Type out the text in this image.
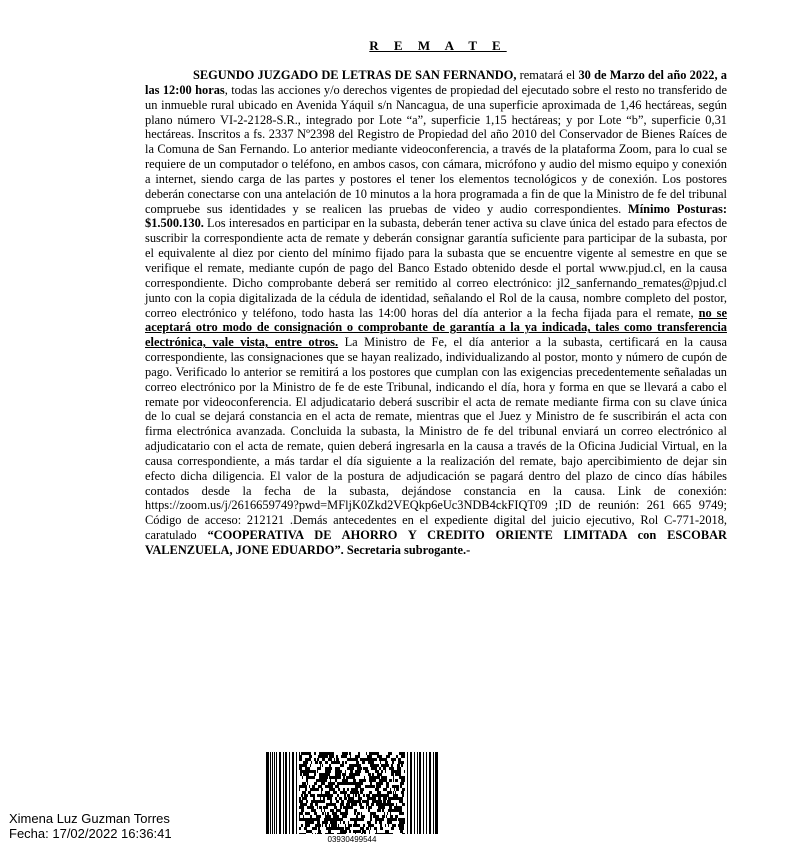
R E M A T E

SEGUNDO JUZGADO DE LETRAS DE SAN FERNANDO, rematará el 30 de Marzo del año 2022, a las 12:00 horas, todas las acciones y/o derechos vigentes de propiedad del ejecutado sobre el resto no transferido de un inmueble rural ubicado en Avenida Yáquil s/n Nancagua, de una superficie aproximada de 1,46 hectáreas, según plano número VI-2-2128-S.R., integrado por Lote “a”, superficie 1,15 hectáreas; y por Lote “b”, superficie 0,31 hectáreas. Inscritos a fs. 2337 Nº2398 del Registro de Propiedad del año 2010 del Conservador de Bienes Raíces de la Comuna de San Fernando. Lo anterior mediante videoconferencia, a través de la plataforma Zoom, para lo cual se requiere de un computador o teléfono, en ambos casos, con cámara, micrófono y audio del mismo equipo y conexión a internet, siendo carga de las partes y postores el tener los elementos tecnológicos y de conexión. Los postores deberán conectarse con una antelación de 10 minutos a la hora programada a fin de que la Ministro de fe del tribunal compruebe sus identidades y se realicen las pruebas de video y audio correspondientes. Mínimo Posturas: $1.500.130. Los interesados en participar en la subasta, deberán tener activa su clave única del estado para efectos de suscribir la correspondiente acta de remate y deberán consignar garantía suficiente para participar de la subasta, por el equivalente al diez por ciento del mínimo fijado para la subasta que se encuentre vigente al semestre en que se verifique el remate, mediante cupón de pago del Banco Estado obtenido desde el portal www.pjud.cl, en la causa correspondiente. Dicho comprobante deberá ser remitido al correo electrónico: jl2_sanfernando_remates@pjud.cl junto con la copia digitalizada de la cédula de identidad, señalando el Rol de la causa, nombre completo del postor, correo electrónico y teléfono, todo hasta las 14:00 horas del día anterior a la fecha fijada para el remate, no se aceptará otro modo de consignación o comprobante de garantía a la ya indicada, tales como transferencia electrónica, vale vista, entre otros. La Ministro de Fe, el día anterior a la subasta, certificará en la causa correspondiente, las consignaciones que se hayan realizado, individualizando al postor, monto y número de cupón de pago. Verificado lo anterior se remitirá a los postores que cumplan con las exigencias precedentemente señaladas un correo electrónico por la Ministro de fe de este Tribunal, indicando el día, hora y forma en que se llevará a cabo el remate por videoconferencia. El adjudicatario deberá suscribir el acta de remate mediante firma con su clave única de lo cual se dejará constancia en el acta de remate, mientras que el Juez y Ministro de fe suscribirán el acta con firma electrónica avanzada. Concluida la subasta, la Ministro de fe del tribunal enviará un correo electrónico al adjudicatario con el acta de remate, quien deberá ingresarla en la causa a través de la Oficina Judicial Virtual, en la causa correspondiente, a más tardar el día siguiente a la realización del remate, bajo apercibimiento de dejar sin efecto dicha diligencia. El valor de la postura de adjudicación se pagará dentro del plazo de cinco días hábiles contados desde la fecha de la subasta, dejándose constancia en la causa. Link de conexión: https://zoom.us/j/2616659749?pwd=MFljK0Zkd2VEQkp6eUc3NDB4ckFIQT09 ;ID de reunión: 261 665 9749; Código de acceso: 212121 .Demás antecedentes en el expediente digital del juicio ejecutivo, Rol C-771-2018, caratulado “COOPERATIVA DE AHORRO Y CREDITO ORIENTE LIMITADA con ESCOBAR VALENZUELA, JONE EDUARDO”. Secretaria subrogante.-

Ximena Luz Guzman Torres
Fecha: 17/02/2022 16:36:41	03930499544
